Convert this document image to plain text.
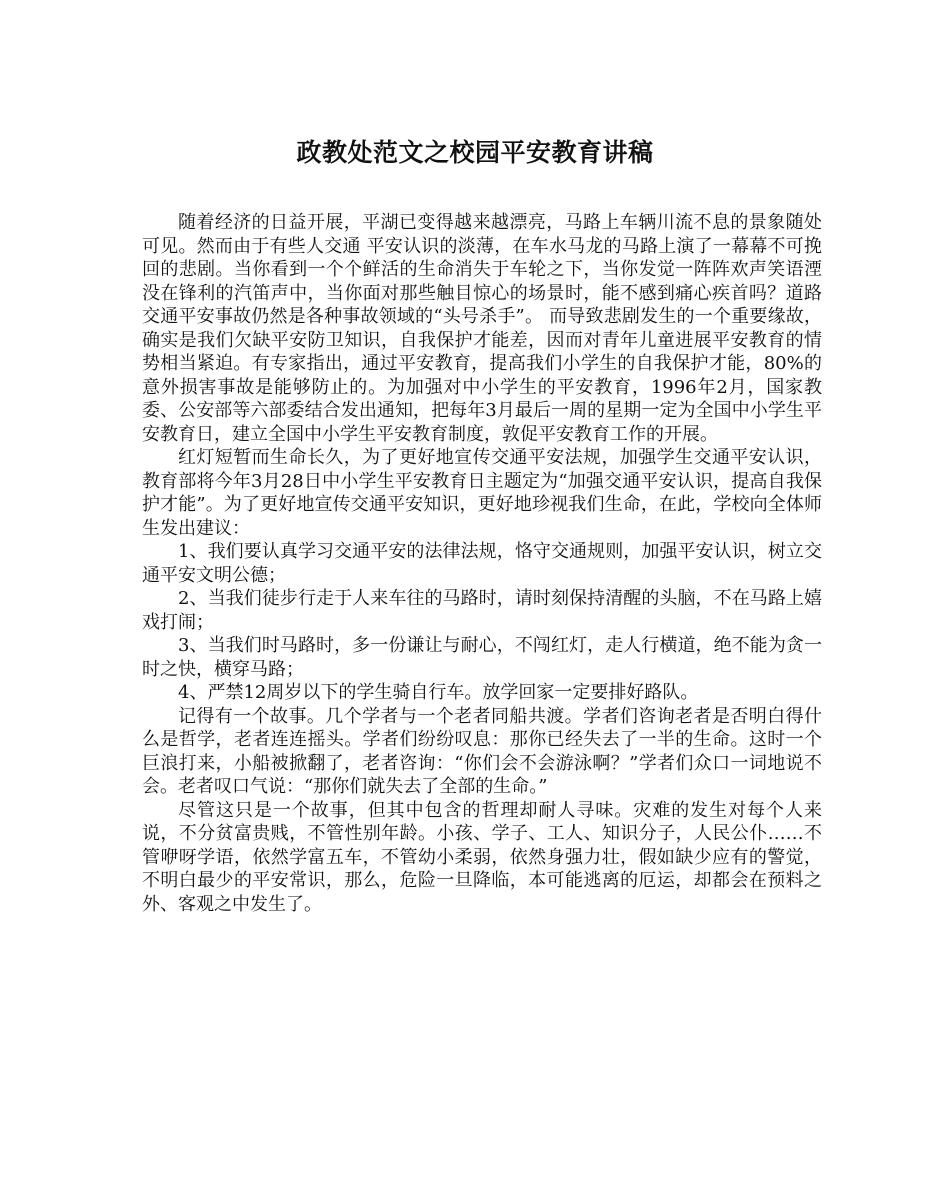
政教处范文之校园平安教育讲稿

随着经济的日益开展，平湖已变得越来越漂亮，马路上车辆川流不息的景象随处可见。然而由于有些人交通 平安认识的淡薄，在车水马龙的马路上演了一幕幕不可挽回的悲剧。当你看到一个个鲜活的生命消失于车轮之下，当你发觉一阵阵欢声笑语湮没在锋利的汽笛声中，当你面对那些触目惊心的场景时，能不感到痛心疾首吗？道路交通平安事故仍然是各种事故领域的“头号杀手”。 而导致悲剧发生的一个重要缘故，确实是我们欠缺平安防卫知识，自我保护才能差，因而对青年儿童进展平安教育的情势相当紧迫。有专家指出，通过平安教育，提高我们小学生的自我保护才能，80%的意外损害事故是能够防止的。为加强对中小学生的平安教育，1996年2月，国家教委、公安部等六部委结合发出通知，把每年3月最后一周的星期一定为全国中小学生平安教育日，建立全国中小学生平安教育制度，敦促平安教育工作的开展。

红灯短暂而生命长久，为了更好地宣传交通平安法规，加强学生交通平安认识，教育部将今年3月28日中小学生平安教育日主题定为“加强交通平安认识，提高自我保护才能”。为了更好地宣传交通平安知识，更好地珍视我们生命，在此，学校向全体师生发出建议：

1、我们要认真学习交通平安的法律法规，恪守交通规则，加强平安认识，树立交通平安文明公德；

2、当我们徒步行走于人来车往的马路时，请时刻保持清醒的头脑，不在马路上嬉戏打闹；

3、当我们时马路时，多一份谦让与耐心，不闯红灯，走人行横道，绝不能为贪一时之快，横穿马路；

4、严禁12周岁以下的学生骑自行车。放学回家一定要排好路队。

记得有一个故事。几个学者与一个老者同船共渡。学者们咨询老者是否明白得什么是哲学，老者连连摇头。学者们纷纷叹息：那你已经失去了一半的生命。这时一个巨浪打来，小船被掀翻了，老者咨询：“你们会不会游泳啊？”学者们众口一词地说不会。老者叹口气说：“那你们就失去了全部的生命。”

尽管这只是一个故事，但其中包含的哲理却耐人寻味。灾难的发生对每个人来说，不分贫富贵贱，不管性别年龄。小孩、学子、工人、知识分子，人民公仆……不管咿呀学语，依然学富五车，不管幼小柔弱，依然身强力壮，假如缺少应有的警觉，不明白最少的平安常识，那么，危险一旦降临，本可能逃离的厄运，却都会在预料之外、客观之中发生了。
